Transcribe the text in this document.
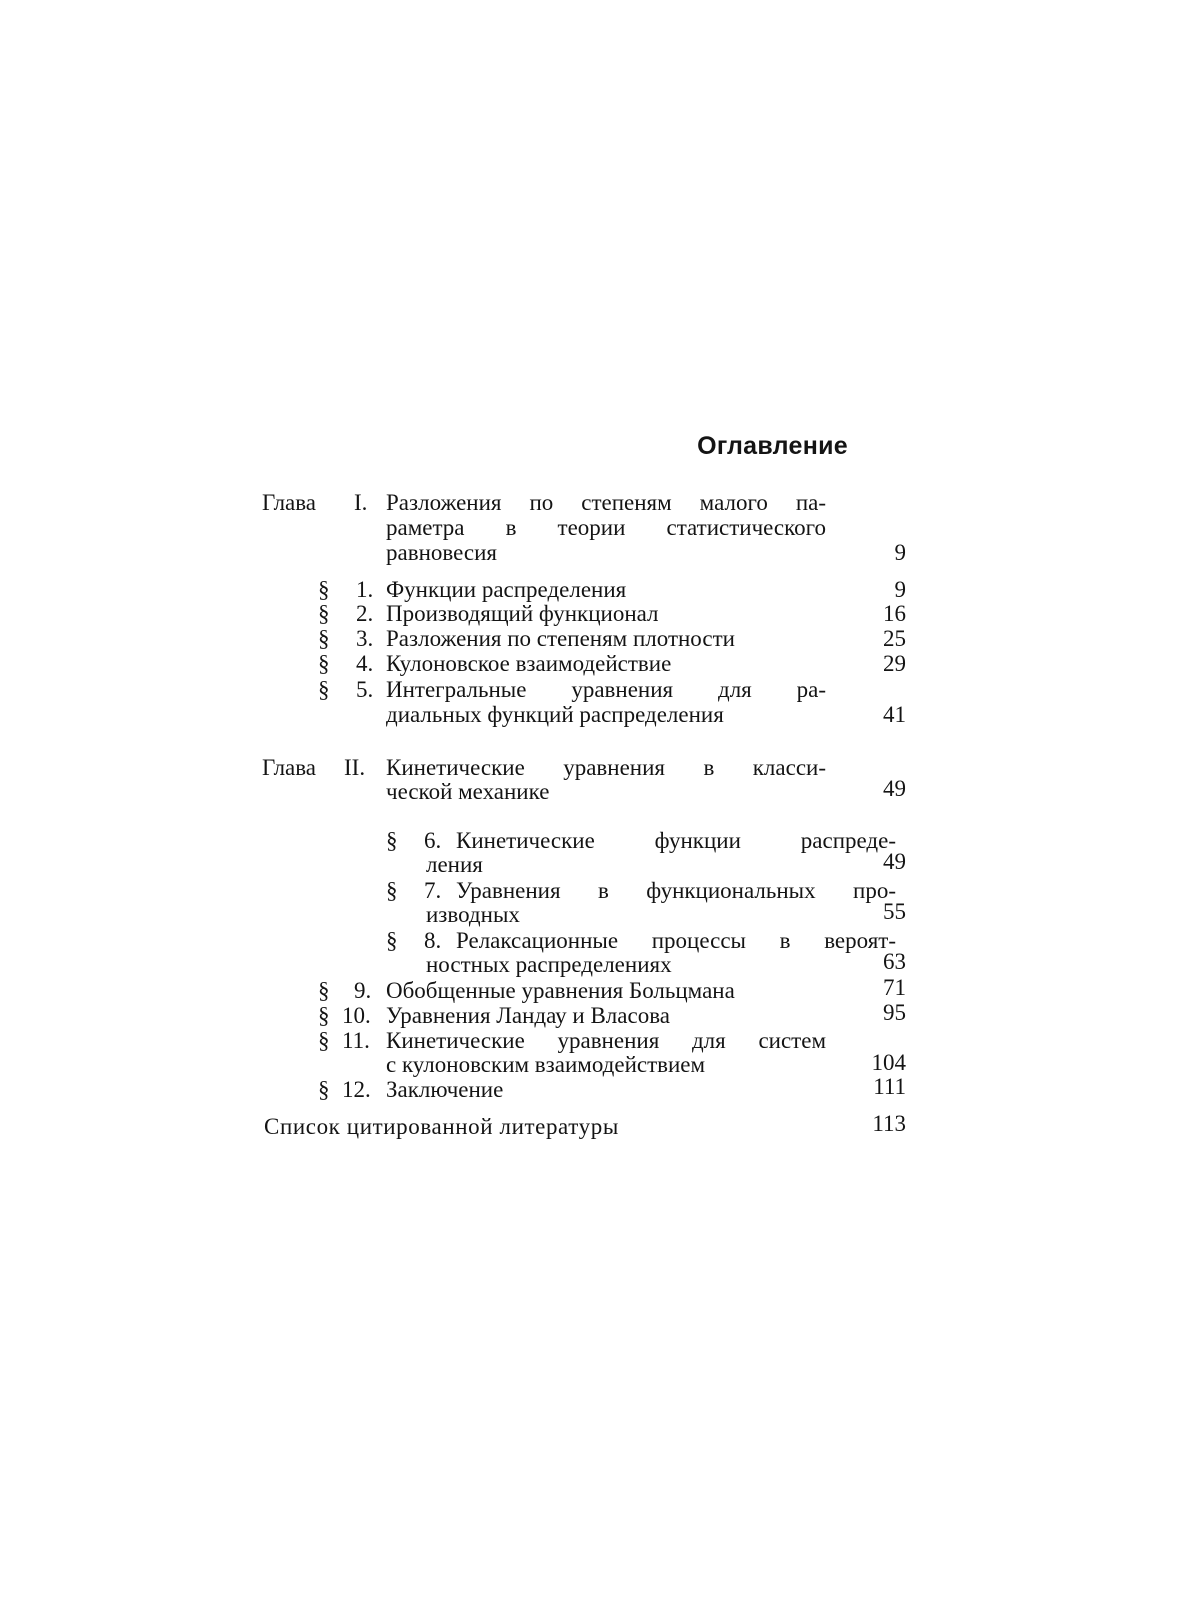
Оглавление
Глава I. Разложения по степеням малого па-
раметра в теории статистического
равновесия	9
§ 1. Функции распределения	9
§ 2. Производящий функционал	16
§ 3. Разложения по степеням плотности	25
§ 4. Кулоновское взаимодействие	29
§ 5. Интегральные уравнения для ра-
диальных функций распределения	41
Глава II. Кинетические уравнения в класси-
ческой механике	49
§ 6. Кинетические функции распреде-
ления	49
§ 7. Уравнения в функциональных про-
изводных	55
§ 8. Релаксационные процессы в вероят-
ностных распределениях	63
§ 9. Обобщенные уравнения Больцмана	71
§ 10. Уравнения Ландау и Власова	95
§ 11. Кинетические уравнения для систем
с кулоновским взаимодействием	104
§ 12. Заключение	111
Список цитированной литературы	113
